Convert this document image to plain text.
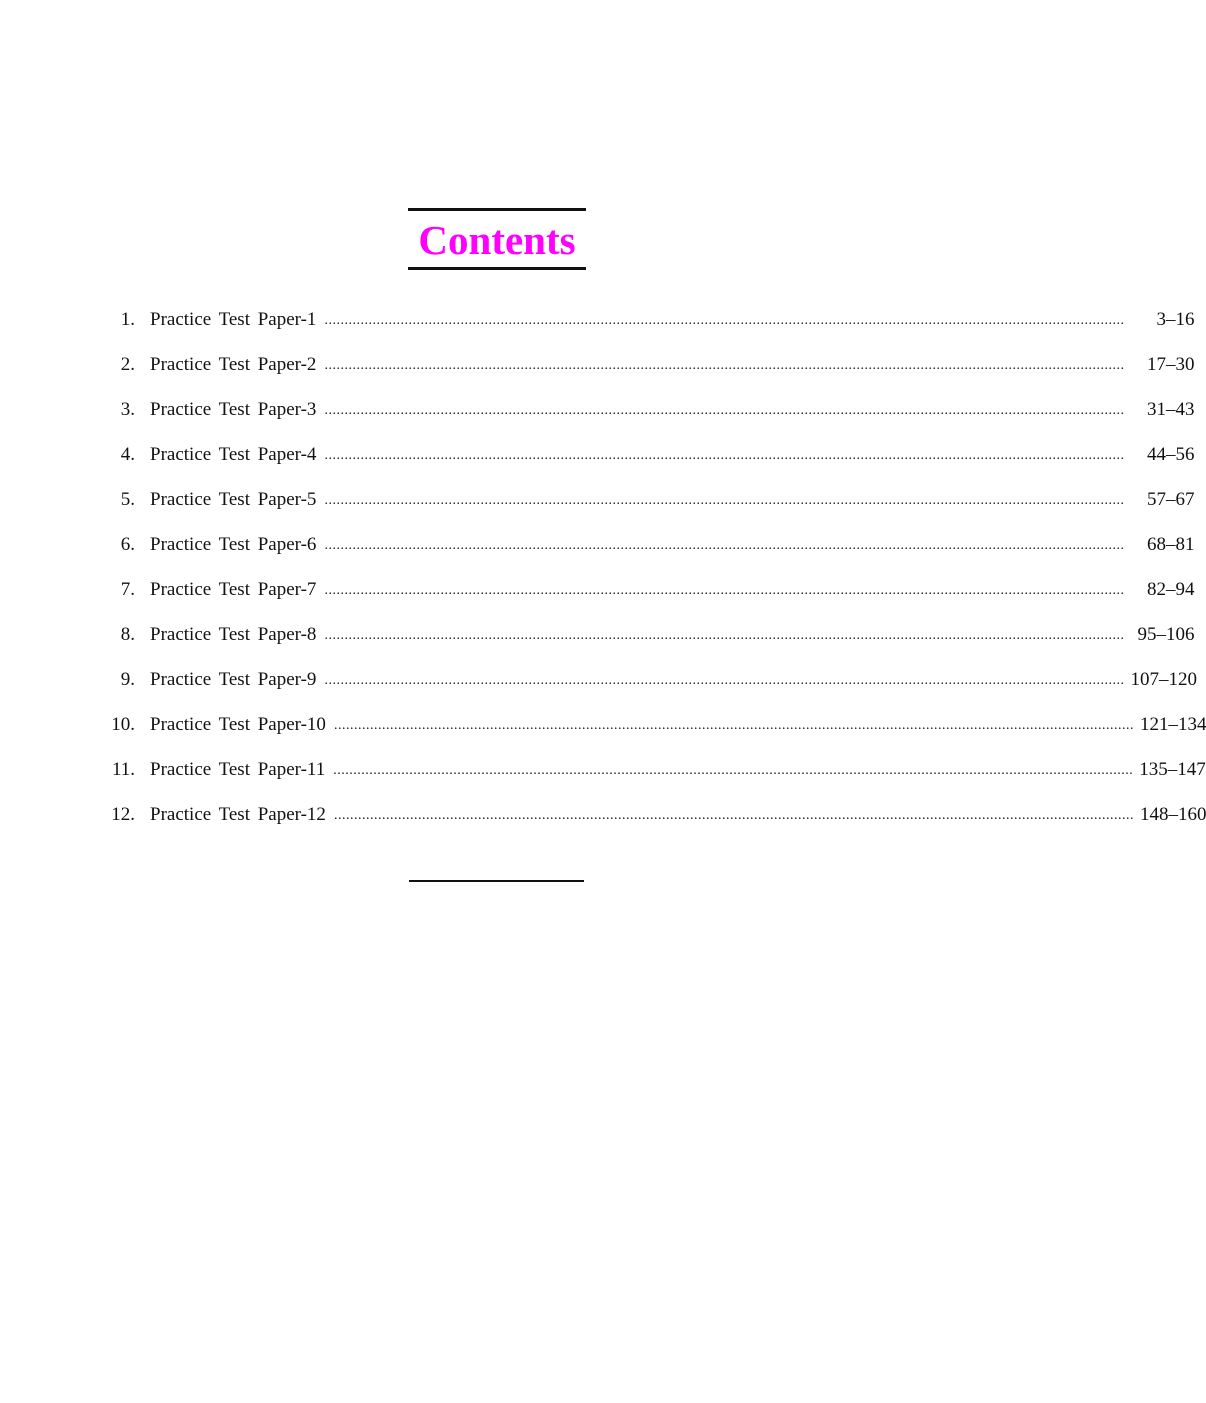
Contents
1. Practice Test Paper-1 ........................................................................................................................................................................................................	3–16
2. Practice Test Paper-2 ........................................................................................................................................................................................................	17–30
3. Practice Test Paper-3 ........................................................................................................................................................................................................	31–43
4. Practice Test Paper-4 ........................................................................................................................................................................................................	44–56
5. Practice Test Paper-5 ........................................................................................................................................................................................................	57–67
6. Practice Test Paper-6 ........................................................................................................................................................................................................	68–81
7. Practice Test Paper-7 ........................................................................................................................................................................................................	82–94
8. Practice Test Paper-8 ........................................................................................................................................................................................................ 95–106
9. Practice Test Paper-9 ........................................................................................................................................................................................................ 107–120
10. Practice Test Paper-10 ........................................................................................................................................................................................................ 121–134
11. Practice Test Paper-11 ........................................................................................................................................................................................................ 135–147
12. Practice Test Paper-12 ........................................................................................................................................................................................................ 148–160
